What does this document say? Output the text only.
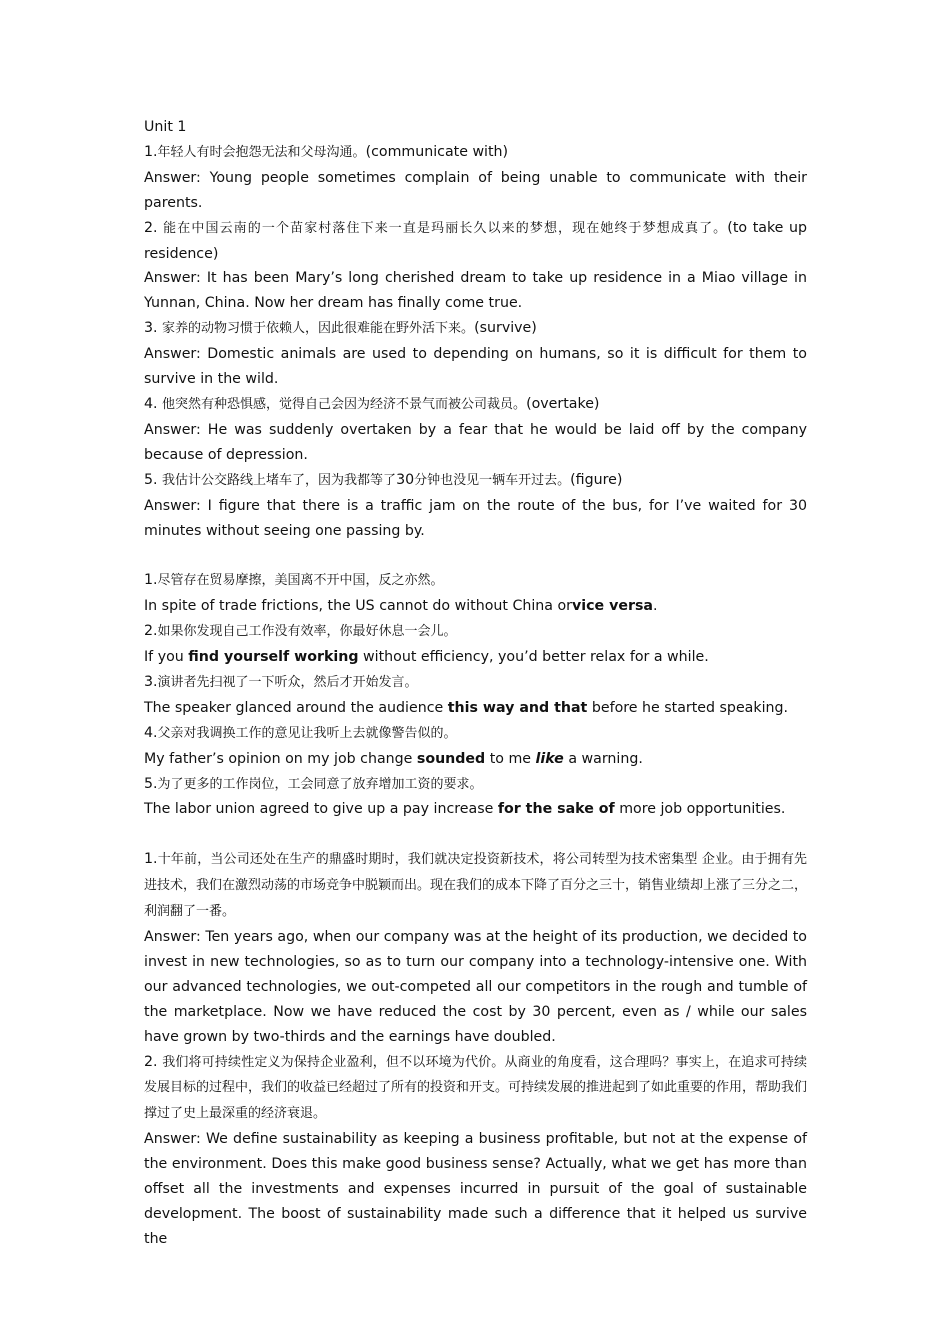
Unit 1
1.年轻人有时会抱怨无法和父母沟通。(communicate with)
Answer: Young people sometimes complain of being unable to communicate with their parents.
2. 能在中国云南的一个苗家村落住下来一直是玛丽长久以来的梦想，现在她终于梦想成真了。(to take up residence)
Answer: It has been Mary’s long cherished dream to take up residence in a Miao village in Yunnan, China. Now her dream has finally come true.
3. 家养的动物习惯于依赖人，因此很难能在野外活下来。(survive)
Answer: Domestic animals are used to depending on humans, so it is difficult for them to survive in the wild.
4. 他突然有种恐惧感，觉得自己会因为经济不景气而被公司裁员。(overtake)
Answer: He was suddenly overtaken by a fear that he would be laid off by the company because of depression.
5. 我估计公交路线上堵车了，因为我都等了30分钟也没见一辆车开过去。(figure)
Answer: I figure that there is a traffic jam on the route of the bus, for I’ve waited for 30 minutes without seeing one passing by.
1.尽管存在贸易摩擦，美国离不开中国，反之亦然。
In spite of trade frictions, the US cannot do without China orvice versa.
2.如果你发现自己工作没有效率，你最好休息一会儿。
If you find yourself working without efficiency, you’d better relax for a while.
3.演讲者先扫视了一下听众，然后才开始发言。
The speaker glanced around the audience this way and that before he started speaking.
4.父亲对我调换工作的意见让我听上去就像警告似的。
My father’s opinion on my job change sounded to me like a warning.
5.为了更多的工作岗位，工会同意了放弃增加工资的要求。
The labor union agreed to give up a pay increase for the sake of more job opportunities.
1.十年前，当公司还处在生产的鼎盛时期时，我们就决定投资新技术，将公司转型为技术密集型 企业。由于拥有先进技术，我们在激烈动荡的市场竞争中脱颖而出。现在我们的成本下降了百分之三十，销售业绩却上涨了三分之二，利润翻了一番。
Answer: Ten years ago, when our company was at the height of its production, we decided to invest in new technologies, so as to turn our company into a technology-intensive one. With our advanced technologies, we out-competed all our competitors in the rough and tumble of the marketplace. Now we have reduced the cost by 30 percent, even as / while our sales have grown by two-thirds and the earnings have doubled.
2. 我们将可持续性定义为保持企业盈利，但不以环境为代价。从商业的角度看，这合理吗？事实上，在追求可持续发展目标的过程中，我们的收益已经超过了所有的投资和开支。可持续发展的推进起到了如此重要的作用，帮助我们撑过了史上最深重的经济衰退。
Answer: We define sustainability as keeping a business profitable, but not at the expense of the environment. Does this make good business sense? Actually, what we get has more than offset all the investments and expenses incurred in pursuit of the goal of sustainable development. The boost of sustainability made such a difference that it helped us survive the
